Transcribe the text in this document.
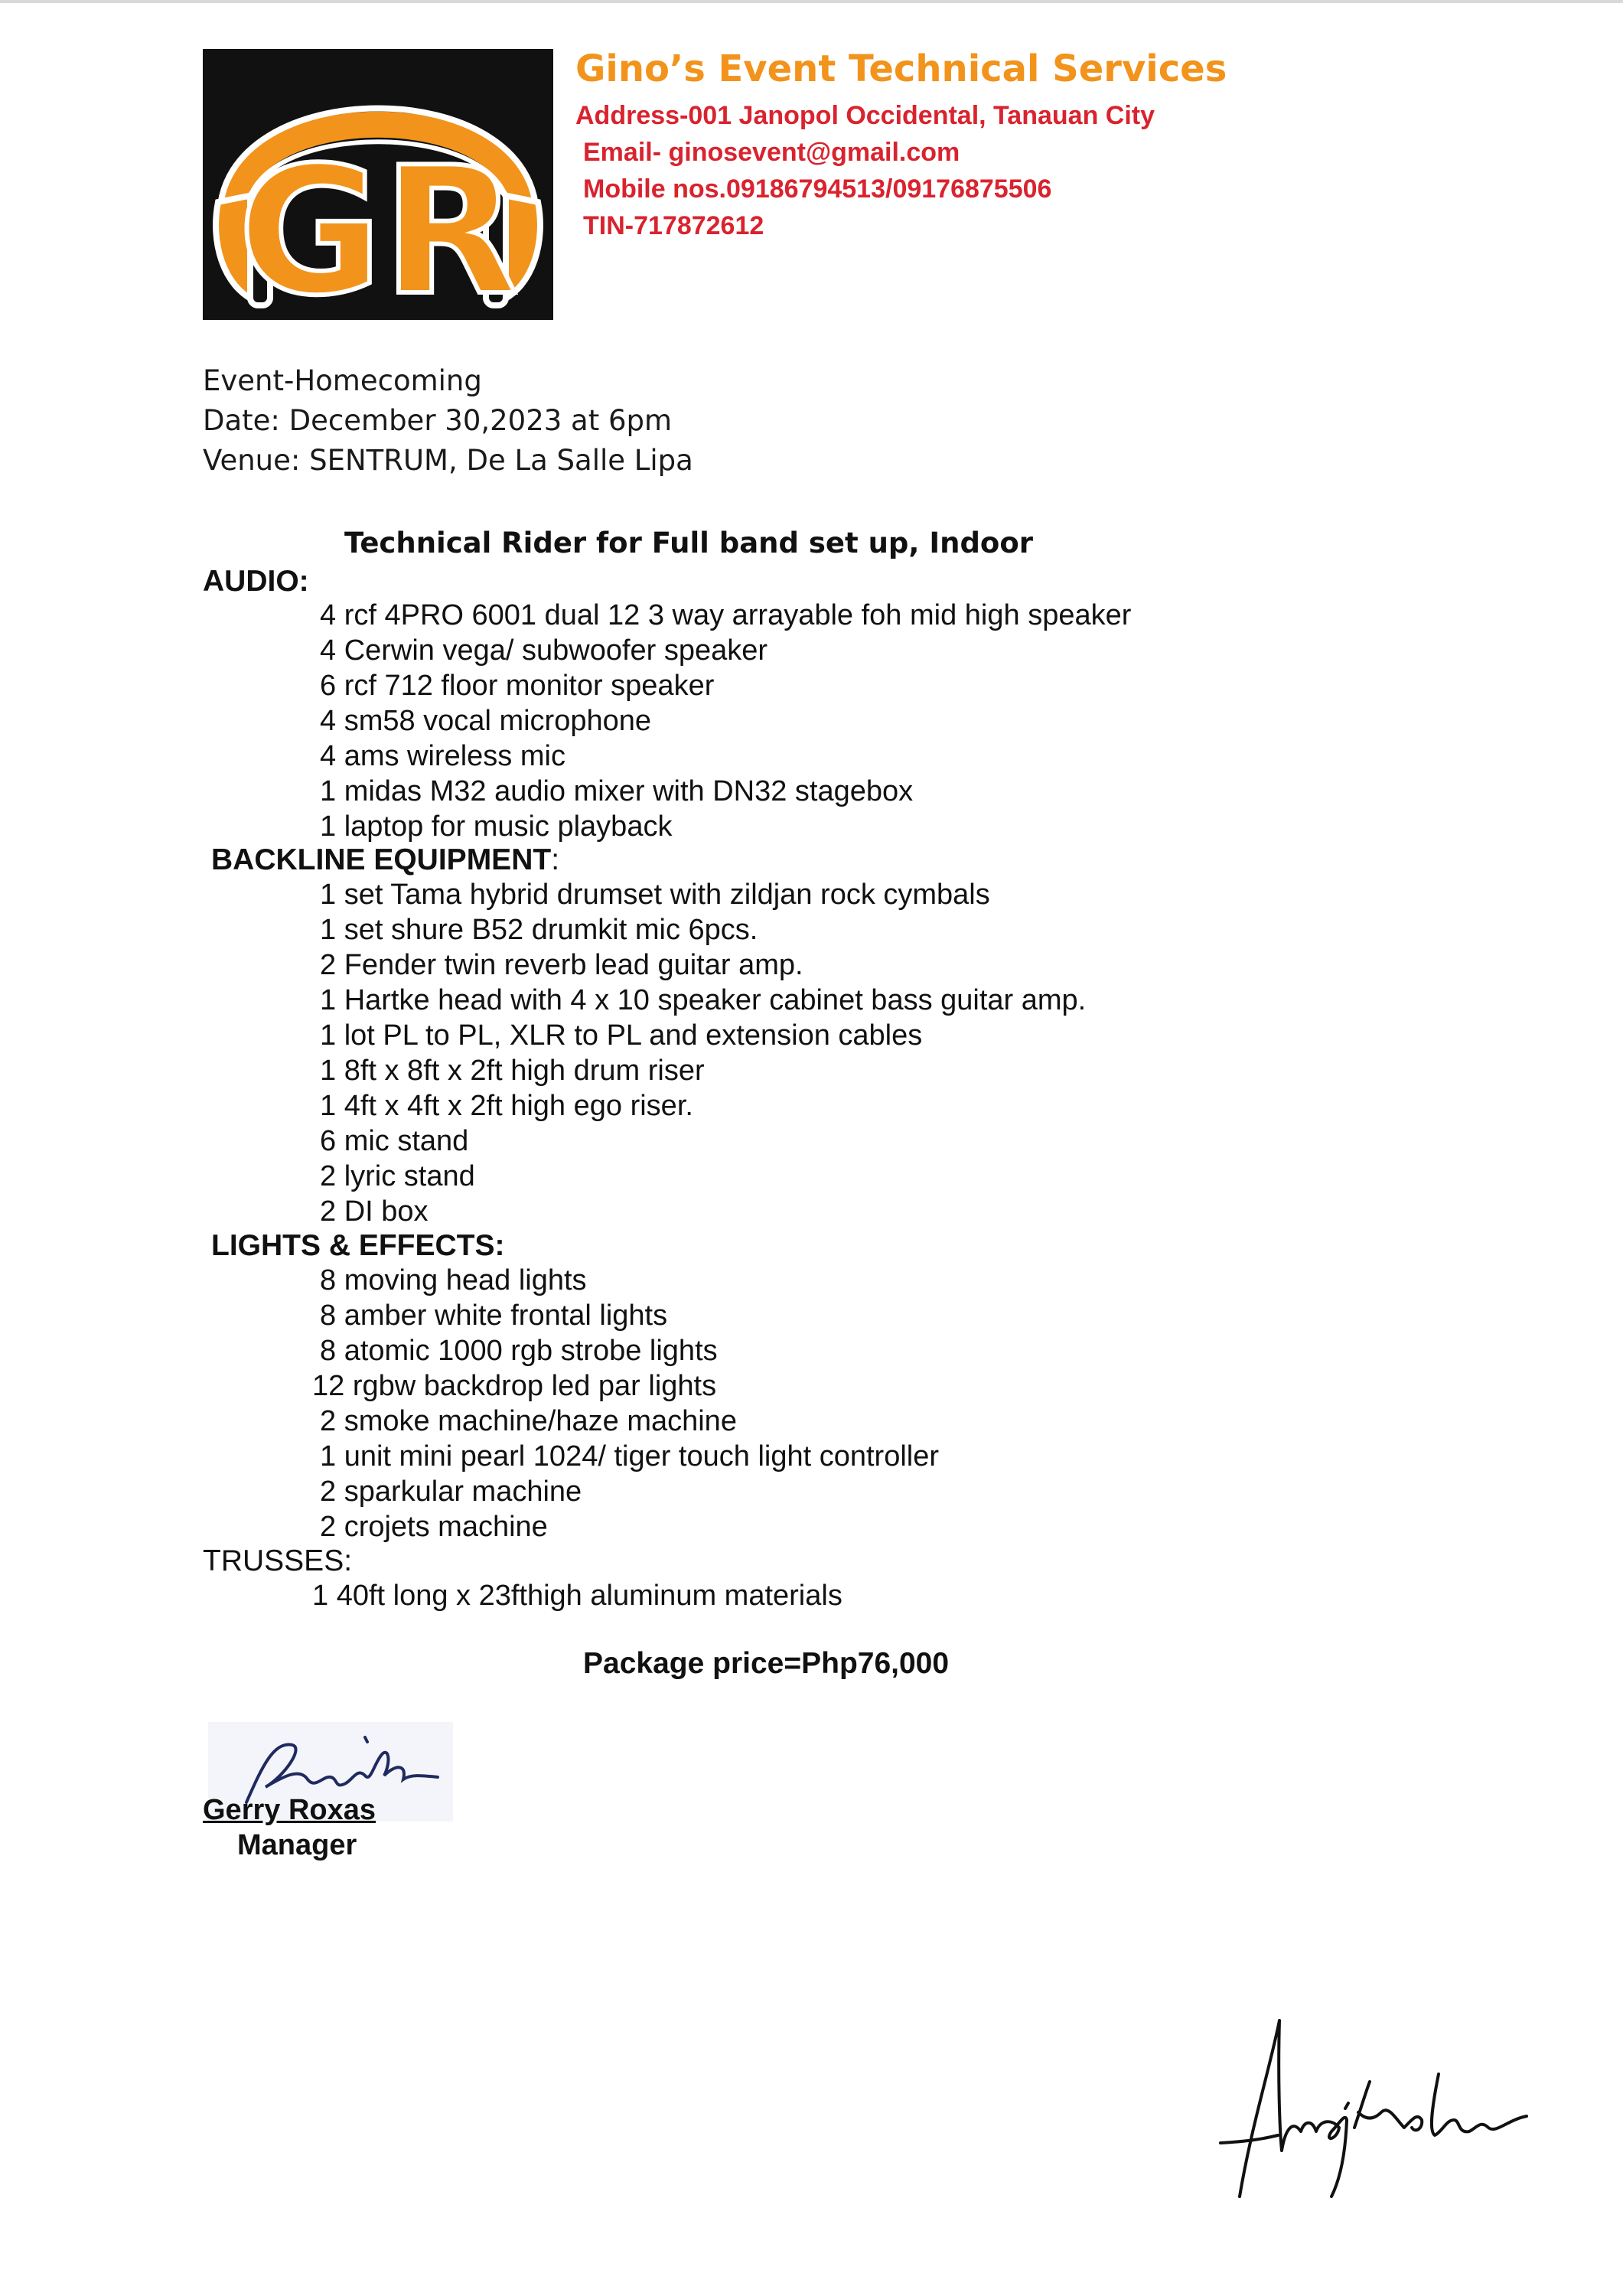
GR
Gino’s Event Technical Services
Address-001 Janopol Occidental, Tanauan City
Email- ginosevent@gmail.com
Mobile nos.09186794513/09176875506
TIN-717872612
Event-Homecoming
Date: December 30,2023 at 6pm
Venue: SENTRUM, De La Salle Lipa
Technical Rider for Full band set up, Indoor
AUDIO:
4 rcf 4PRO 6001 dual 12 3 way arrayable foh mid high speaker
4 Cerwin vega/ subwoofer speaker
6 rcf 712 floor monitor speaker
4 sm58 vocal microphone
4 ams wireless mic
1 midas M32 audio mixer with DN32 stagebox
1 laptop for music playback
BACKLINE EQUIPMENT:
1 set Tama hybrid drumset with zildjan rock cymbals
1 set shure B52 drumkit mic 6pcs.
2 Fender twin reverb lead guitar amp.
1 Hartke head with 4 x 10 speaker cabinet bass guitar amp.
1 lot PL to PL, XLR to PL and extension cables
1 8ft x 8ft x 2ft high drum riser
1 4ft x 4ft x 2ft high ego riser.
6 mic stand
2 lyric stand
2 DI box
LIGHTS & EFFECTS:
8 moving head lights
8 amber white frontal lights
8 atomic 1000 rgb strobe lights
12 rgbw backdrop led par lights
2 smoke machine/haze machine
1 unit mini pearl 1024/ tiger touch light controller
2 sparkular machine
2 crojets machine
TRUSSES:
1 40ft long x 23fthigh aluminum materials
Package price=Php76,000
Gerry Roxas
Manager
